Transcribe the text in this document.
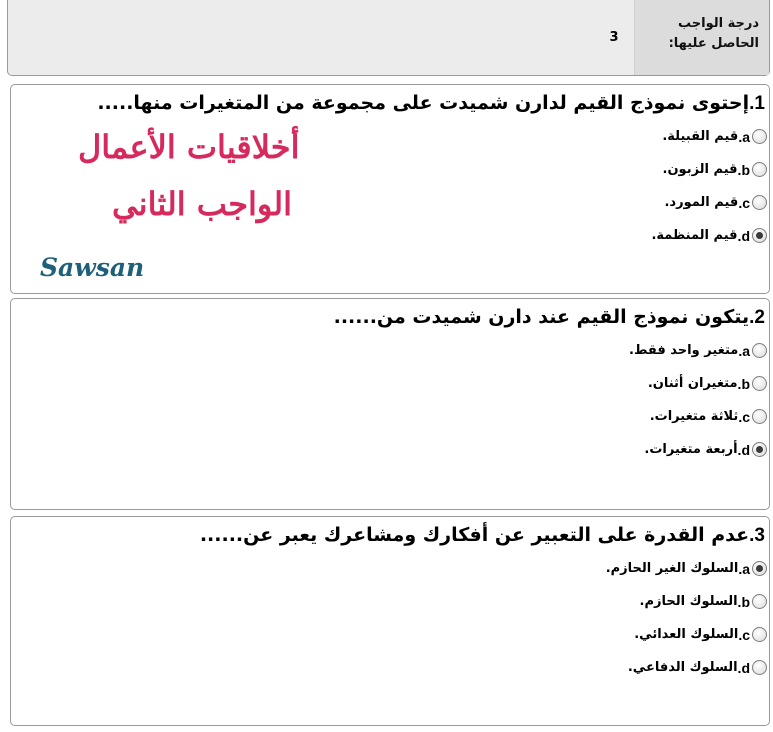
درجة الواجب
الحاصل عليها:
3
1.إحتوى نموذج القيم لدارن شميدت على مجموعة من المتغيرات منها.....
a.
قيم القبيلة.
b.
قيم الزبون.
c.
قيم المورد.
d.
قيم المنظمة.
2.يتكون نموذج القيم عند دارن شميدت من......
a.
متغير واحد فقط.
b.
متغيران أثنان.
c.
ثلاثة متغيرات.
d.
أربعة متغيرات.
3.عدم القدرة على التعبير عن أفكارك ومشاعرك يعبر عن......
a.
السلوك الغير الحازم.
b.
السلوك الحازم.
c.
السلوك العدائي.
d.
السلوك الدفاعي.
أخلاقيات الأعمال
الواجب الثاني
Sawsan
